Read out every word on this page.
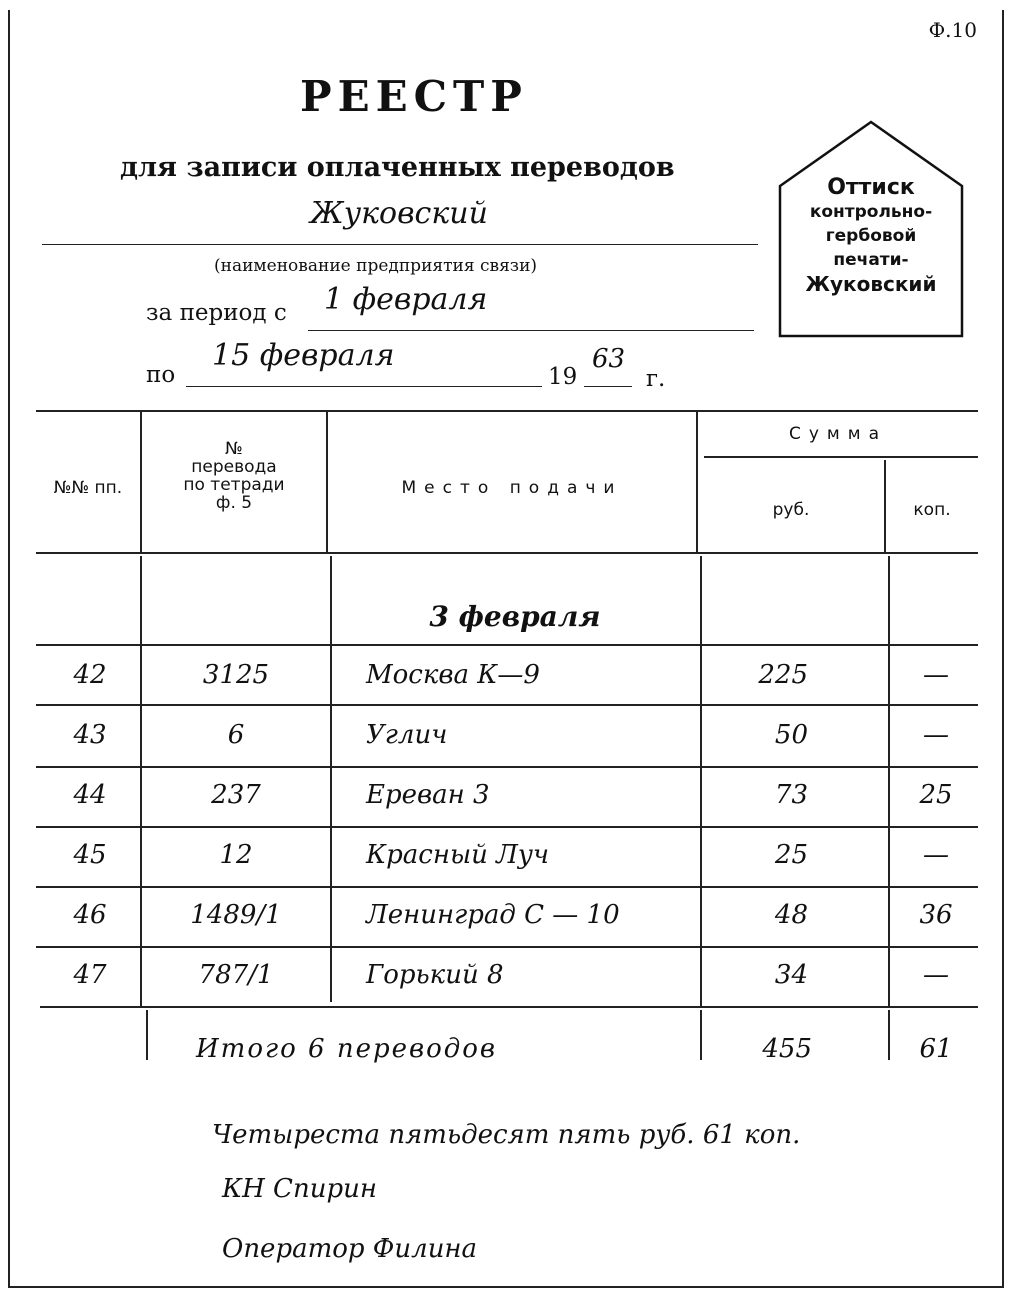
Ф.10
РЕЕСТР
для записи оплаченных переводов
Жуковский
(наименование предприятия связи)
за период с 1 февраля
по
15 февраля
19
63
г.
Оттиск
контрольно-
гербовой
печати-
Жуковский
№№ пп.
№
перевода
по тетради
ф. 5
Место подачи
Сумма
руб.	коп.
3 февраля
42	3125	Москва К—9	225	—
43	6	Углич	50	—
44	237	Ереван 3	73	25
45	12	Красный Луч	25	—
46	1489/1	Ленинград С — 10	48	36
47	787/1	Горький 8	34	—
Итого 6 переводов	455	61
Четыреста пятьдесят пять руб. 61 коп.
КН Спирин
Оператор Филина
